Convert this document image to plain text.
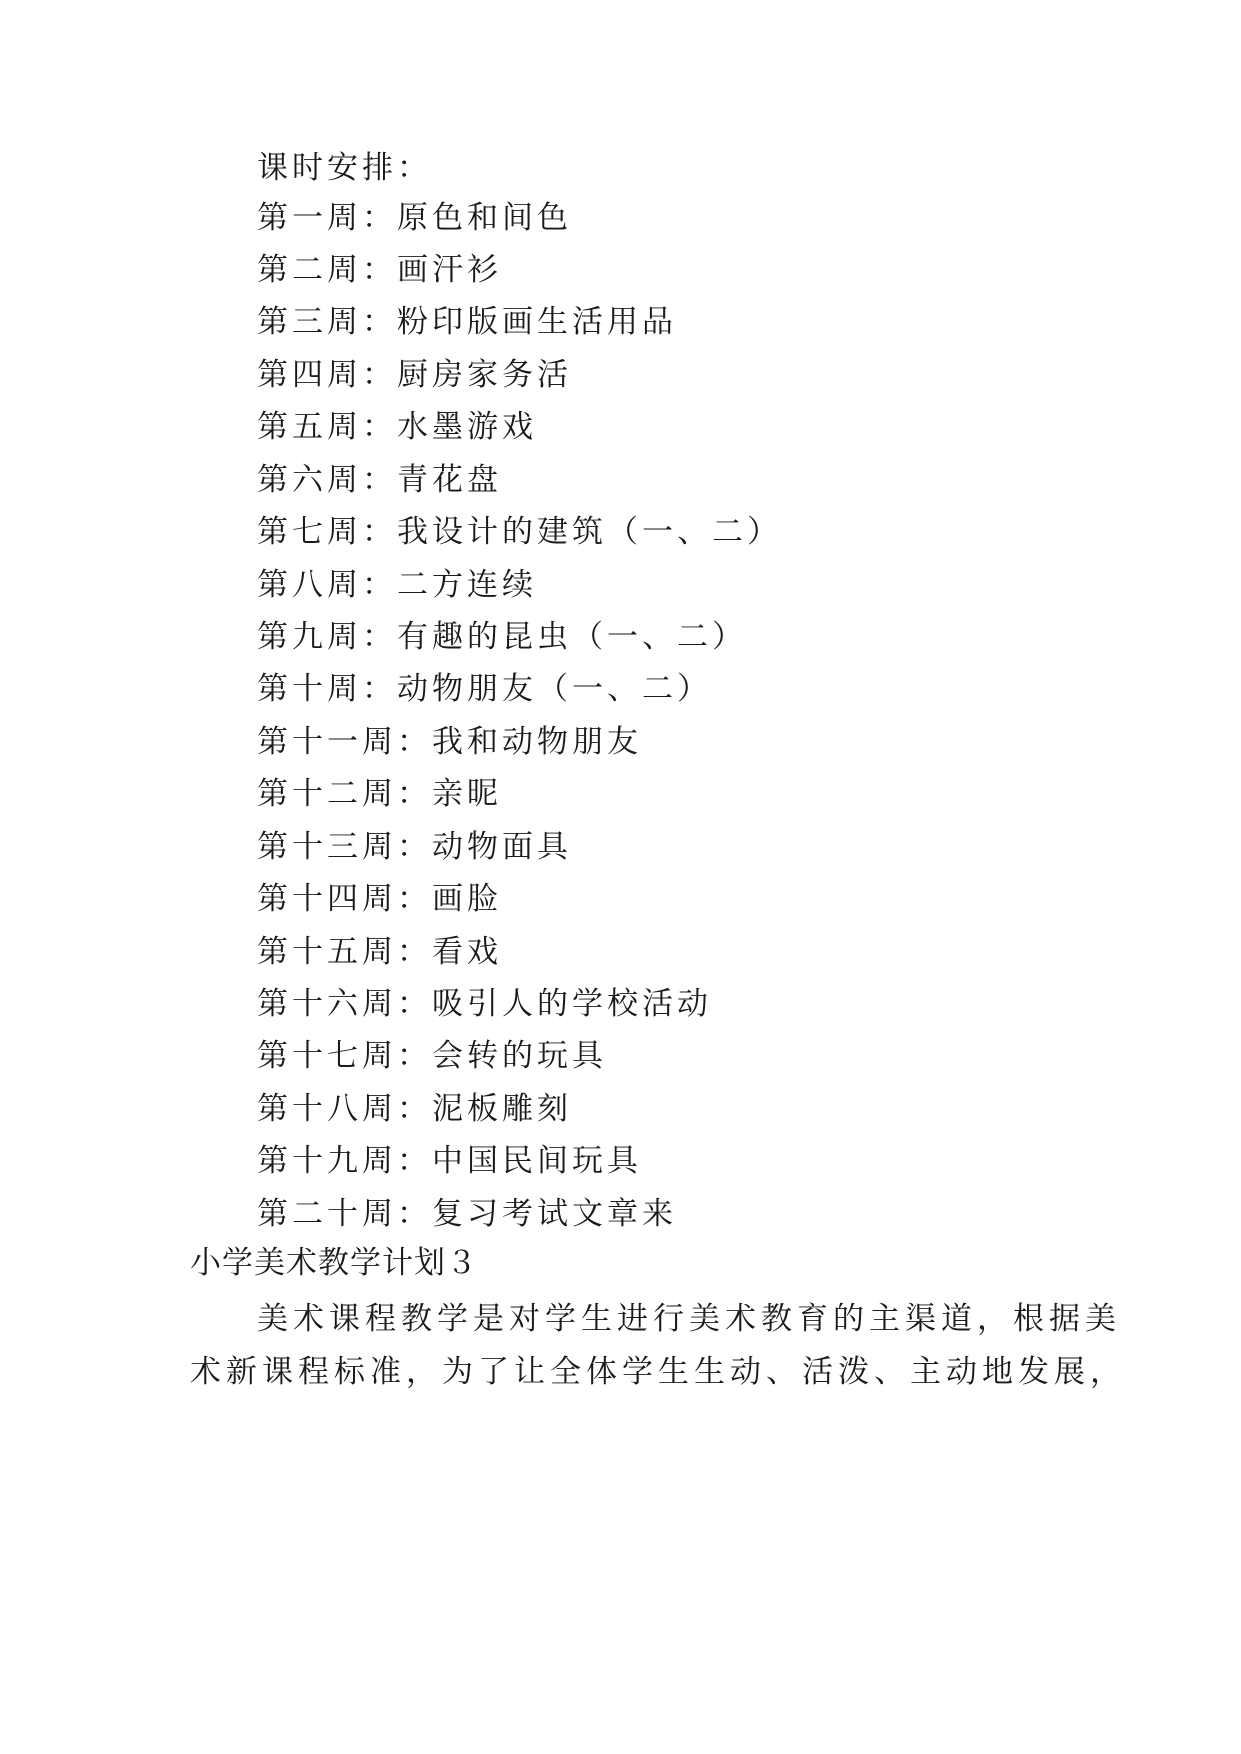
课时安排：
第一周：原色和间色
第二周：画汗衫
第三周：粉印版画生活用品
第四周：厨房家务活
第五周：水墨游戏
第六周：青花盘
第七周：我设计的建筑（一、二）
第八周：二方连续
第九周：有趣的昆虫（一、二）
第十周：动物朋友（一、二）
第十一周：我和动物朋友
第十二周：亲昵
第十三周：动物面具
第十四周：画脸
第十五周：看戏
第十六周：吸引人的学校活动
第十七周：会转的玩具
第十八周：泥板雕刻
第十九周：中国民间玩具
第二十周：复习考试文章来
小学美术教学计划３
美术课程教学是对学生进行美术教育的主渠道，根据美
术新课程标准，为了让全体学生生动、活泼、主动地发展，
